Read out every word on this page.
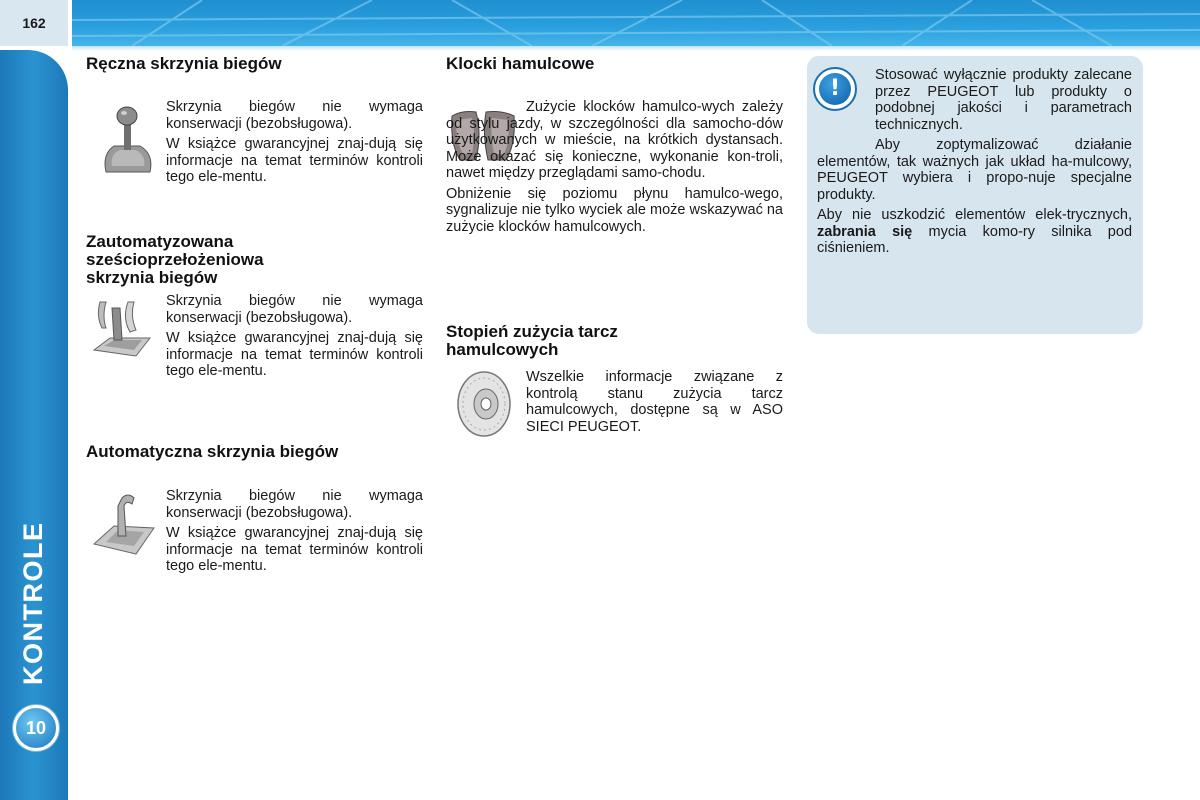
162
KONTROLE
10
Ręczna skrzynia biegów

Skrzynia biegów nie wymaga konserwacji (bezobsługowa).

W książce gwarancyjnej znaj-dują się informacje na temat terminów kontroli tego ele-mentu.

Zautomatyzowana
sześcioprzełożeniowa
skrzynia biegów

Skrzynia biegów nie wymaga konserwacji (bezobsługowa).

W książce gwarancyjnej znaj-dują się informacje na temat terminów kontroli tego ele-mentu.

Automatyczna skrzynia biegów

Skrzynia biegów nie wymaga konserwacji (bezobsługowa).

W książce gwarancyjnej znaj-dują się informacje na temat terminów kontroli tego ele-mentu.

Klocki hamulcowe

Zużycie klocków hamulco-wych zależy od stylu jazdy, w szczególności dla samocho-dów użytkowanych w mieście, na krótkich dystansach. Może okazać się konieczne, wykonanie kon-troli, nawet między przeglądami samo-chodu.

Obniżenie się poziomu płynu hamulco-wego, sygnalizuje nie tylko wyciek ale może wskazywać na zużycie klocków hamulcowych.

Stopień zużycia tarcz
hamulcowych

Wszelkie informacje związane z kontrolą stanu zużycia tarcz hamulcowych, dostępne są w ASO SIECI PEUGEOT.

!

Stosować wyłącznie produkty zalecane przez PEUGEOT lub produkty o podobnej jakości i parametrach technicznych.

Aby zoptymalizować działanie elementów, tak ważnych jak układ ha-mulcowy, PEUGEOT wybiera i propo-nuje specjalne produkty.

Aby nie uszkodzić elementów elek-trycznych, zabrania się mycia komo-ry silnika pod ciśnieniem.
